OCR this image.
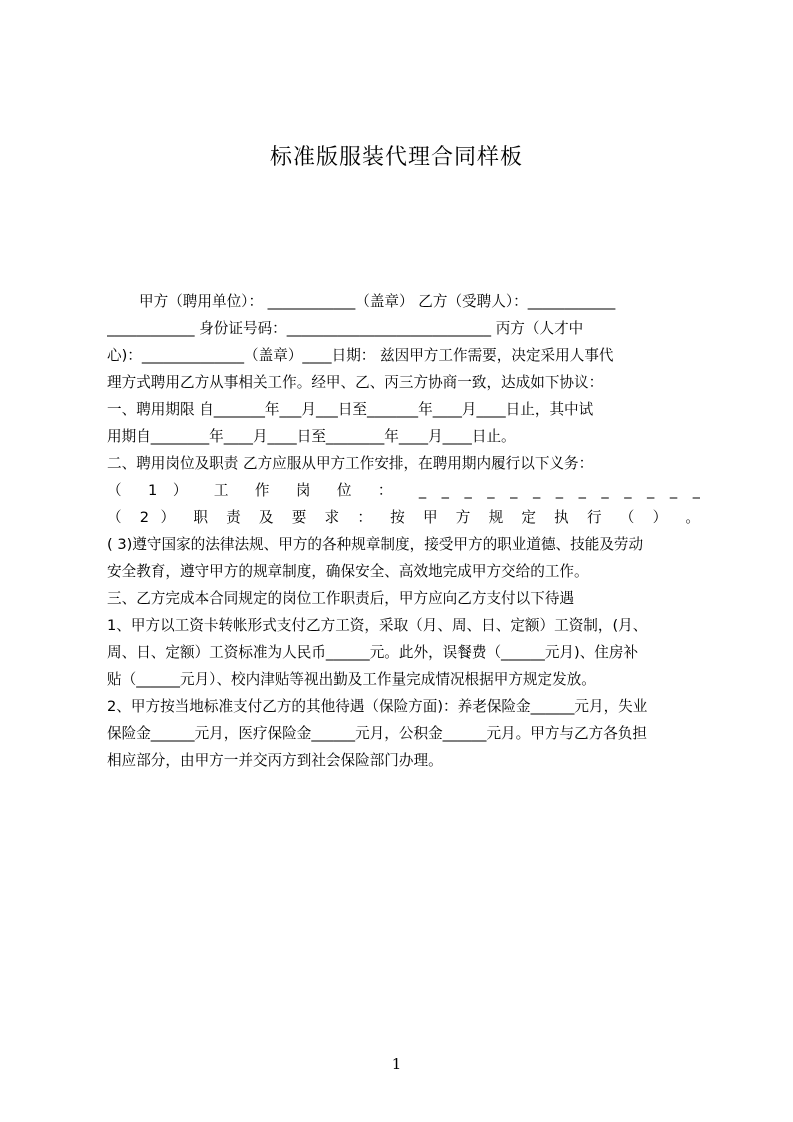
标准版服装代理合同样板
甲方（聘用单位）： ____________（盖章） 乙方（受聘人）：____________
____________ 身份证号码：____________________________ 丙方（人才中
心)：______________（盖章）____日期： 兹因甲方工作需要，决定采用人事代
理方式聘用乙方从事相关工作。经甲、乙、丙三方协商一致，达成如下协议：
一、聘用期限 自_______年___月___日至_______年____月____日止，其中试
用期自________年____月____日至________年____月____日止。
二、聘用岗位及职责 乙方应服从甲方工作安排，在聘用期内履行以下义务：
（ 1 ） 工 作 岗 位 ： _ _ _ _ _ _ _ _ _ _ _ _ _
（ 2 ） 职 责 及 要 求 ： 按 甲 方 规 定 执 行 （ ） 。
( 3)遵守国家的法律法规、甲方的各种规章制度，接受甲方的职业道德、技能及劳动
安全教育，遵守甲方的规章制度，确保安全、高效地完成甲方交给的工作。
三、乙方完成本合同规定的岗位工作职责后，甲方应向乙方支付以下待遇
1、甲方以工资卡转帐形式支付乙方工资，采取（月、周、日、定额）工资制，(月、
周、日、定额）工资标准为人民币______元。此外，误餐费（______元月)、住房补
贴（______元月）、校内津贴等视出勤及工作量完成情况根据甲方规定发放。
2、甲方按当地标准支付乙方的其他待遇（保险方面)：养老保险金______元月，失业
保险金______元月，医疗保险金______元月，公积金______元月。甲方与乙方各负担
相应部分，由甲方一并交丙方到社会保险部门办理。
1
